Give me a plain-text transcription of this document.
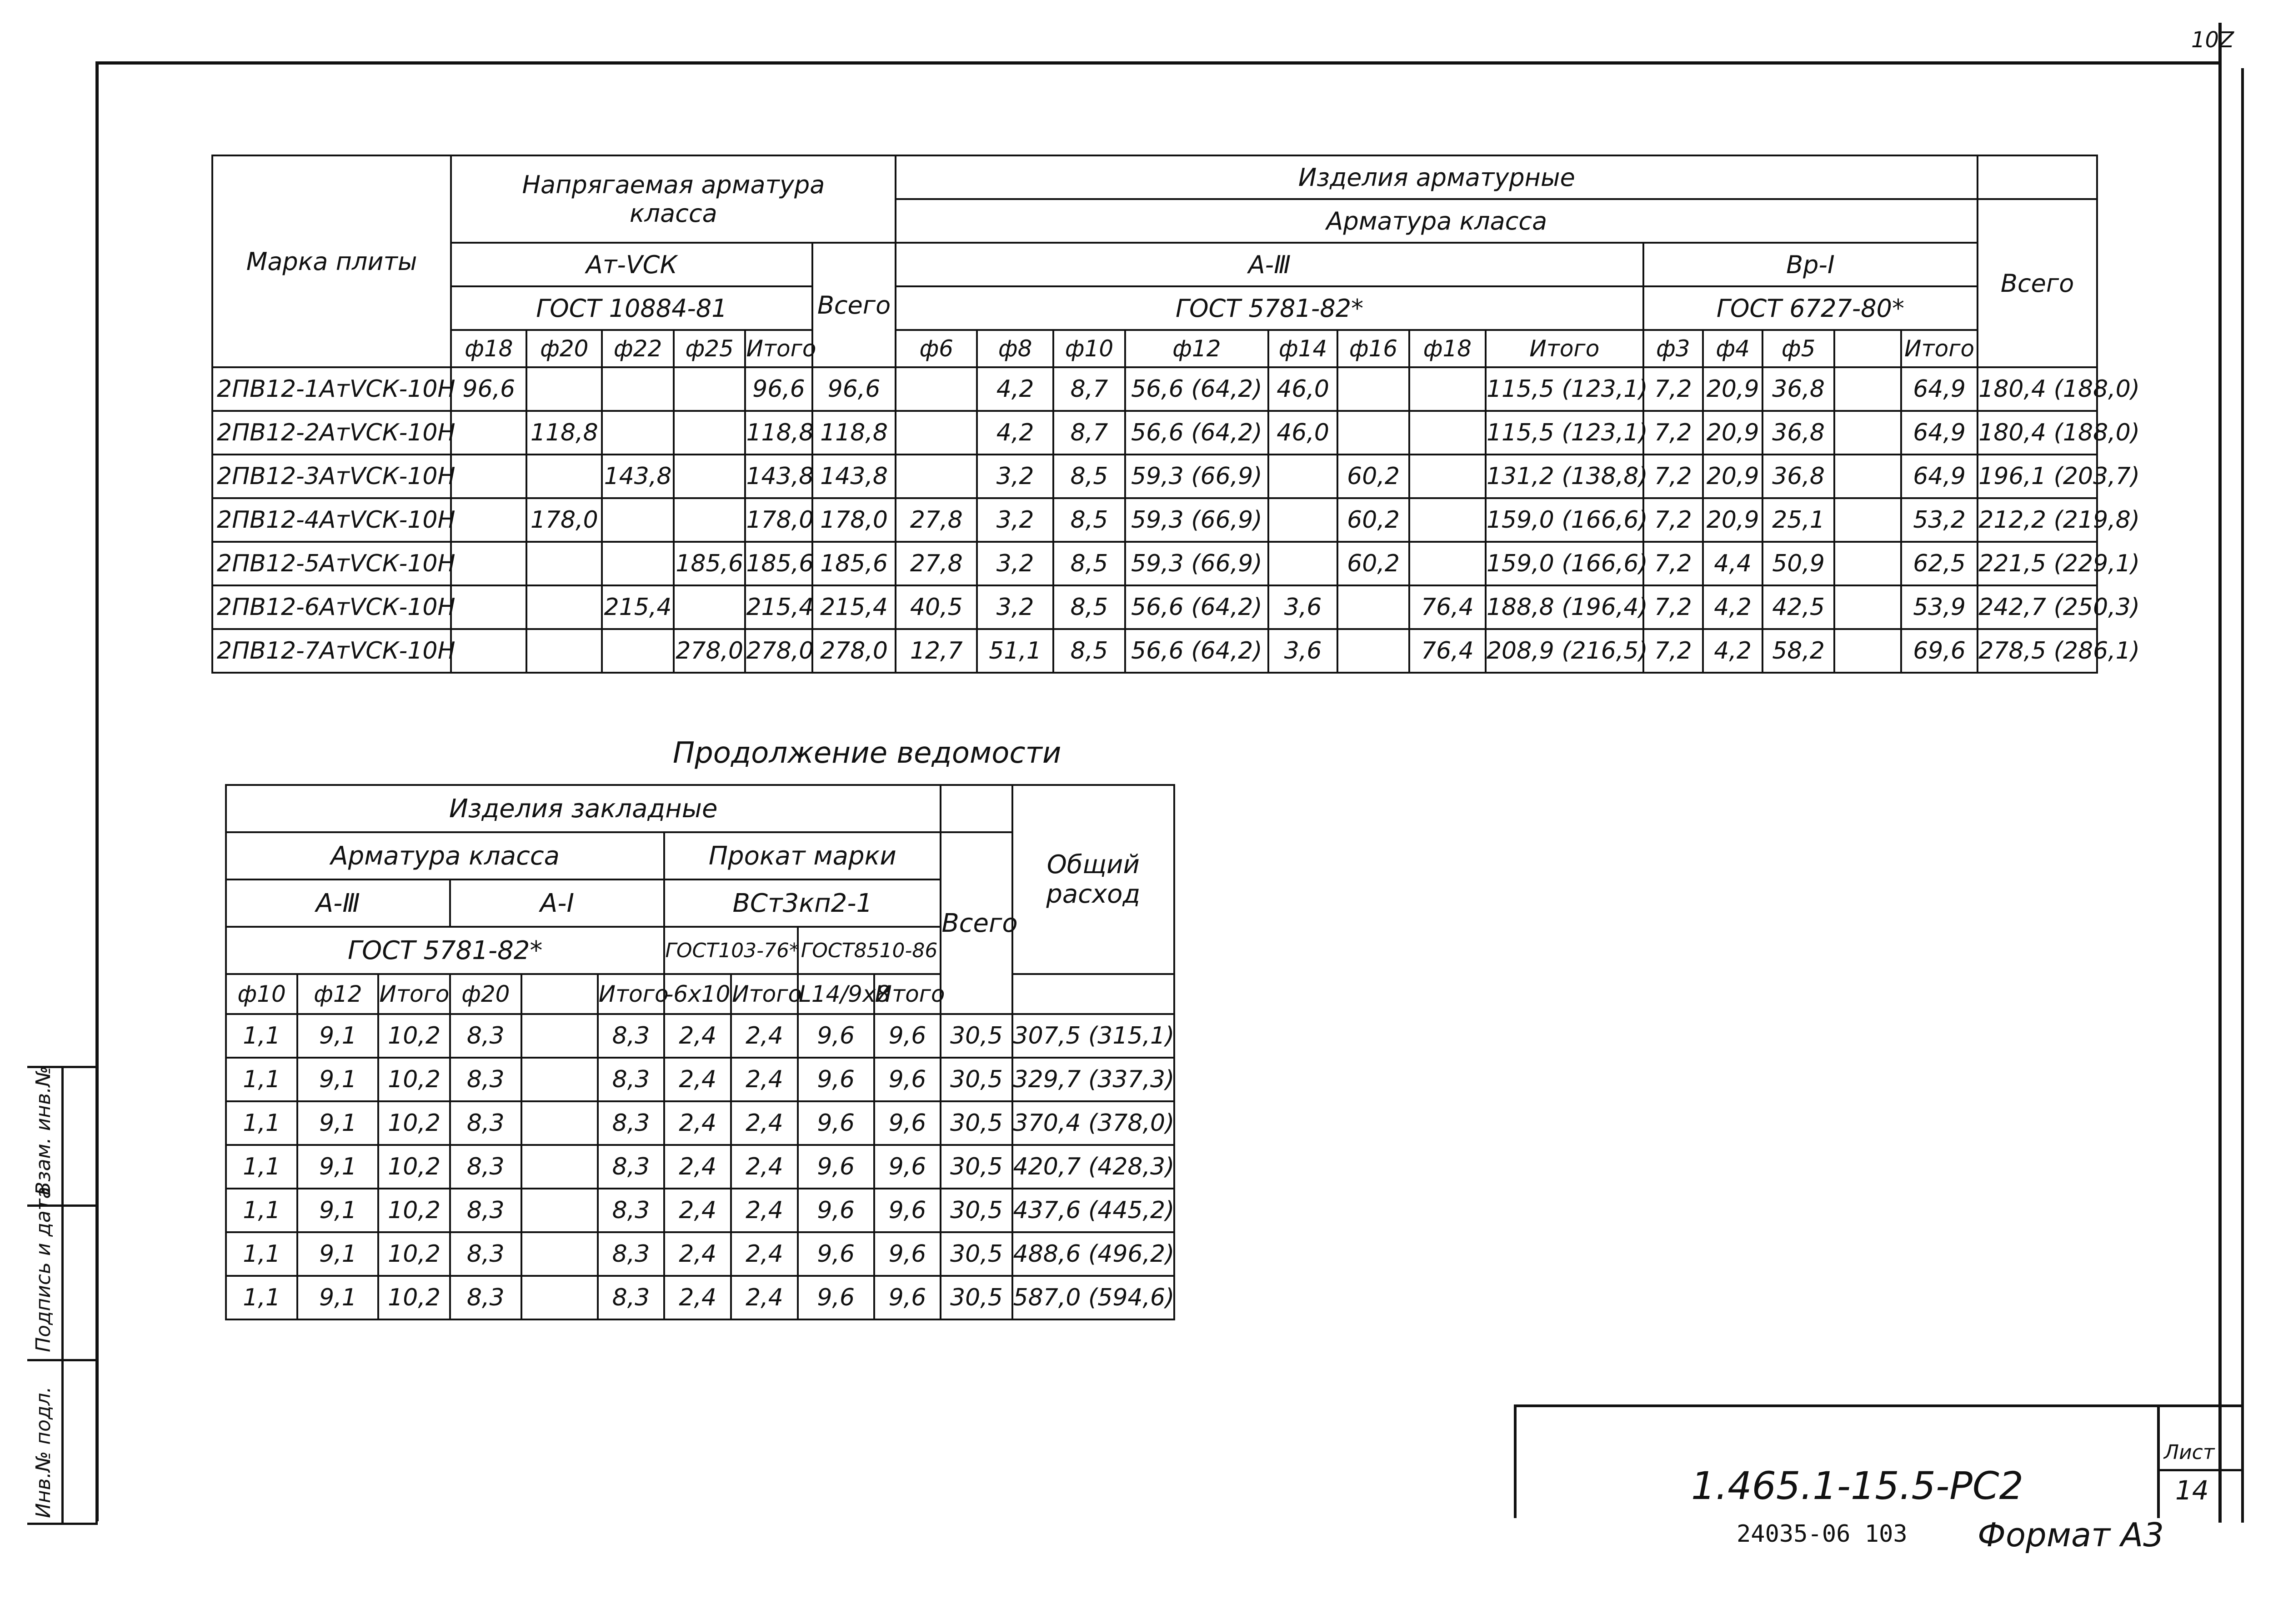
10Z
Марка плиты	Напрягаемая арматура
класса						Изделия арматурные													
							Арматура класса													Всего
	Ат-ⅤСК					Всего	А-Ⅲ								Вр-Ⅰ					
	ГОСТ 10884-81						ГОСТ 5781-82*								ГОСТ 6727-80*					
	ф18	ф20	ф22	ф25	Итого		ф6	ф8	ф10	ф12	ф14	ф16	ф18	Итого	ф3	ф4	ф5		Итого	
2ПВ12-1АтⅤСК-10Н	96,6				96,6	96,6		4,2	8,7	56,6 (64,2)	46,0			115,5 (123,1)	7,2	20,9	36,8		64,9	180,4 (188,0)
2ПВ12-2АтⅤСК-10Н		118,8			118,8	118,8		4,2	8,7	56,6 (64,2)	46,0			115,5 (123,1)	7,2	20,9	36,8		64,9	180,4 (188,0)
2ПВ12-3АтⅤСК-10Н			143,8		143,8	143,8		3,2	8,5	59,3 (66,9)		60,2		131,2 (138,8)	7,2	20,9	36,8		64,9	196,1 (203,7)
2ПВ12-4АтⅤСК-10Н		178,0			178,0	178,0	27,8	3,2	8,5	59,3 (66,9)		60,2		159,0 (166,6)	7,2	20,9	25,1		53,2	212,2 (219,8)
2ПВ12-5АтⅤСК-10Н				185,6	185,6	185,6	27,8	3,2	8,5	59,3 (66,9)		60,2		159,0 (166,6)	7,2	4,4	50,9		62,5	221,5 (229,1)
2ПВ12-6АтⅤСК-10Н			215,4		215,4	215,4	40,5	3,2	8,5	56,6 (64,2)	3,6		76,4	188,8 (196,4)	7,2	4,2	42,5		53,9	242,7 (250,3)
2ПВ12-7АтⅤСК-10Н				278,0	278,0	278,0	12,7	51,1	8,5	56,6 (64,2)	3,6		76,4	208,9 (216,5)	7,2	4,2	58,2		69,6	278,5 (286,1)
Продолжение ведомости
Изделия закладные											Общий
расход

Арматура класса						Прокат марки				Всего	
А-Ⅲ			А-Ⅰ			ВСт3кп2-1					
ГОСТ 5781-82*						ГОСТ103-76*		ГОСТ8510-86			
ф10	ф12	Итого	ф20		Итого	-6х10	Итого	L14/9х8	Итого		
1,1	9,1	10,2	8,3		8,3	2,4	2,4	9,6	9,6	30,5	307,5 (315,1)
1,1	9,1	10,2	8,3		8,3	2,4	2,4	9,6	9,6	30,5	329,7 (337,3)
1,1	9,1	10,2	8,3		8,3	2,4	2,4	9,6	9,6	30,5	370,4 (378,0)
1,1	9,1	10,2	8,3		8,3	2,4	2,4	9,6	9,6	30,5	420,7 (428,3)
1,1	9,1	10,2	8,3		8,3	2,4	2,4	9,6	9,6	30,5	437,6 (445,2)
1,1	9,1	10,2	8,3		8,3	2,4	2,4	9,6	9,6	30,5	488,6 (496,2)
1,1	9,1	10,2	8,3		8,3	2,4	2,4	9,6	9,6	30,5	587,0 (594,6)
1.465.1-15.5-РС2
Лист
14
24035-06 103 Формат А3
Инв.№ подл.
Подпись и дата
Взам. инв.№
